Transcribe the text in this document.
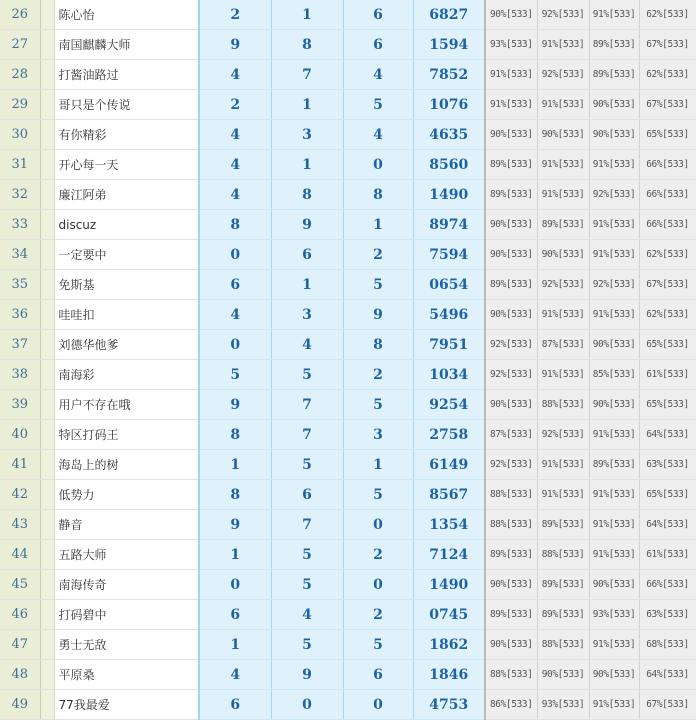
26		陈心怡	2	1	6	6827	90%[533]	92%[533]	91%[533]	62%[533]
27		南国麒麟大师	9	8	6	1594	93%[533]	91%[533]	89%[533]	67%[533]
28		打酱油路过	4	7	4	7852	91%[533]	92%[533]	89%[533]	62%[533]
29		哥只是个传说	2	1	5	1076	91%[533]	91%[533]	90%[533]	67%[533]
30		有你精彩	4	3	4	4635	90%[533]	90%[533]	90%[533]	65%[533]
31		开心每一天	4	1	0	8560	89%[533]	91%[533]	91%[533]	66%[533]
32		廉江阿弟	4	8	8	1490	89%[533]	91%[533]	92%[533]	66%[533]
33		discuz	8	9	1	8974	90%[533]	89%[533]	91%[533]	66%[533]
34		一定要中	0	6	2	7594	90%[533]	90%[533]	91%[533]	62%[533]
35		免斯基	6	1	5	0654	89%[533]	92%[533]	92%[533]	67%[533]
36		哇哇扣	4	3	9	5496	90%[533]	91%[533]	91%[533]	62%[533]
37		刘德华他爹	0	4	8	7951	92%[533]	87%[533]	90%[533]	65%[533]
38		南海彩	5	5	2	1034	92%[533]	91%[533]	85%[533]	61%[533]
39		用户不存在哦	9	7	5	9254	90%[533]	88%[533]	90%[533]	65%[533]
40		特区打码王	8	7	3	2758	87%[533]	92%[533]	91%[533]	64%[533]
41		海岛上的树	1	5	1	6149	92%[533]	91%[533]	89%[533]	63%[533]
42		低势力	8	6	5	8567	88%[533]	91%[533]	91%[533]	65%[533]
43		静音	9	7	0	1354	88%[533]	89%[533]	91%[533]	64%[533]
44		五路大师	1	5	2	7124	89%[533]	88%[533]	91%[533]	61%[533]
45		南海传奇	0	5	0	1490	90%[533]	89%[533]	90%[533]	66%[533]
46		打码碧中	6	4	2	0745	89%[533]	89%[533]	93%[533]	63%[533]
47		勇士无敌	1	5	5	1862	90%[533]	88%[533]	91%[533]	68%[533]
48		平原桑	4	9	6	1846	88%[533]	90%[533]	90%[533]	64%[533]
49		77我最爱	6	0	0	4753	86%[533]	93%[533]	91%[533]	67%[533]
